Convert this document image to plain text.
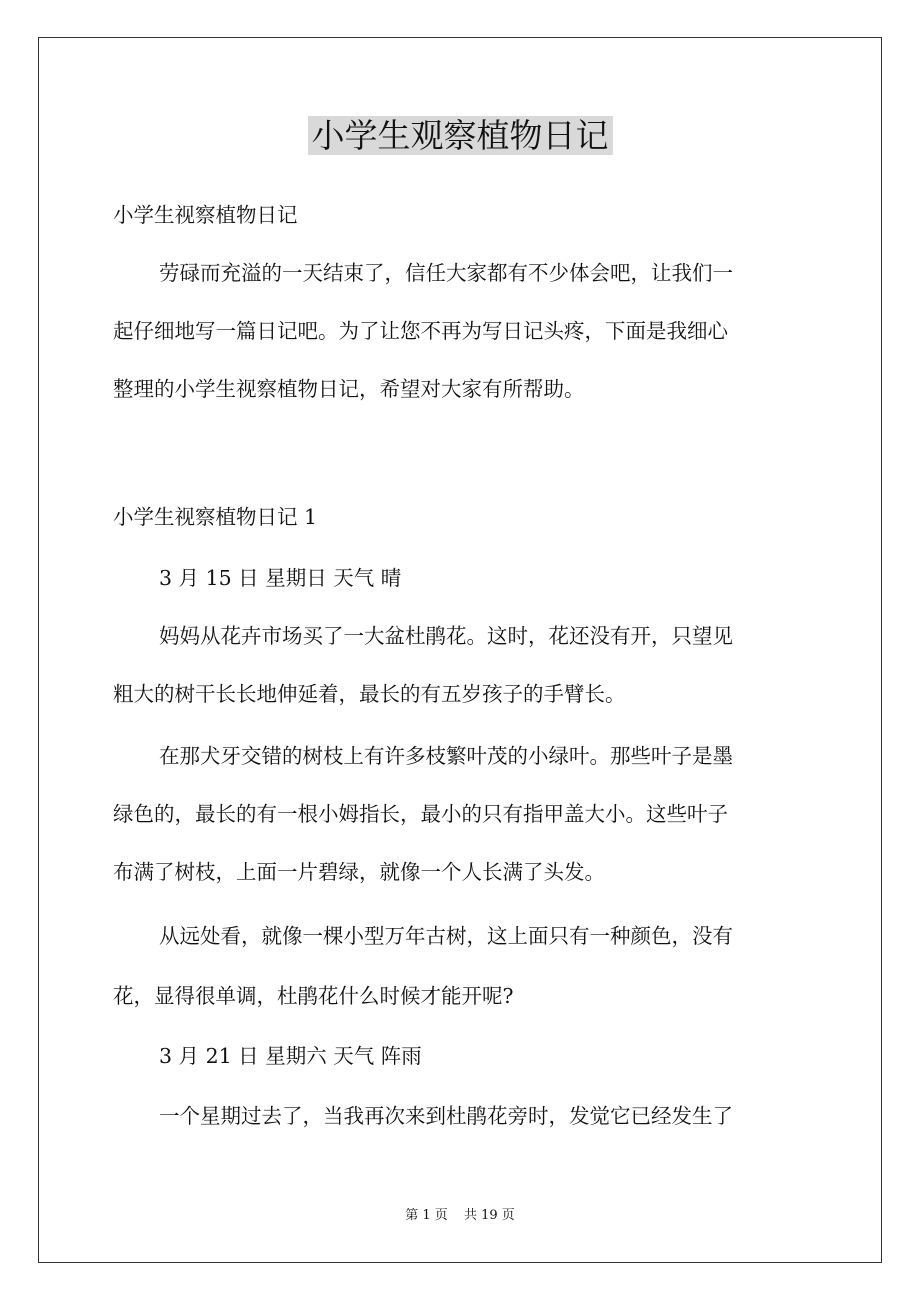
小学生观察植物日记
小学生视察植物日记
劳碌而充溢的一天结束了，信任大家都有不少体会吧，让我们一
起仔细地写一篇日记吧。为了让您不再为写日记头疼，下面是我细心
整理的小学生视察植物日记，希望对大家有所帮助。
小学生视察植物日记 1
3 月 15 日 星期日 天气 晴
妈妈从花卉市场买了一大盆杜鹃花。这时，花还没有开，只望见
粗大的树干长长地伸延着，最长的有五岁孩子的手臂长。
在那犬牙交错的树枝上有许多枝繁叶茂的小绿叶。那些叶子是墨
绿色的，最长的有一根小姆指长，最小的只有指甲盖大小。这些叶子
布满了树枝，上面一片碧绿，就像一个人长满了头发。
从远处看，就像一棵小型万年古树，这上面只有一种颜色，没有
花，显得很单调，杜鹃花什么时候才能开呢?
3 月 21 日 星期六 天气 阵雨
一个星期过去了，当我再次来到杜鹃花旁时，发觉它已经发生了
第 1 页 共 19 页
